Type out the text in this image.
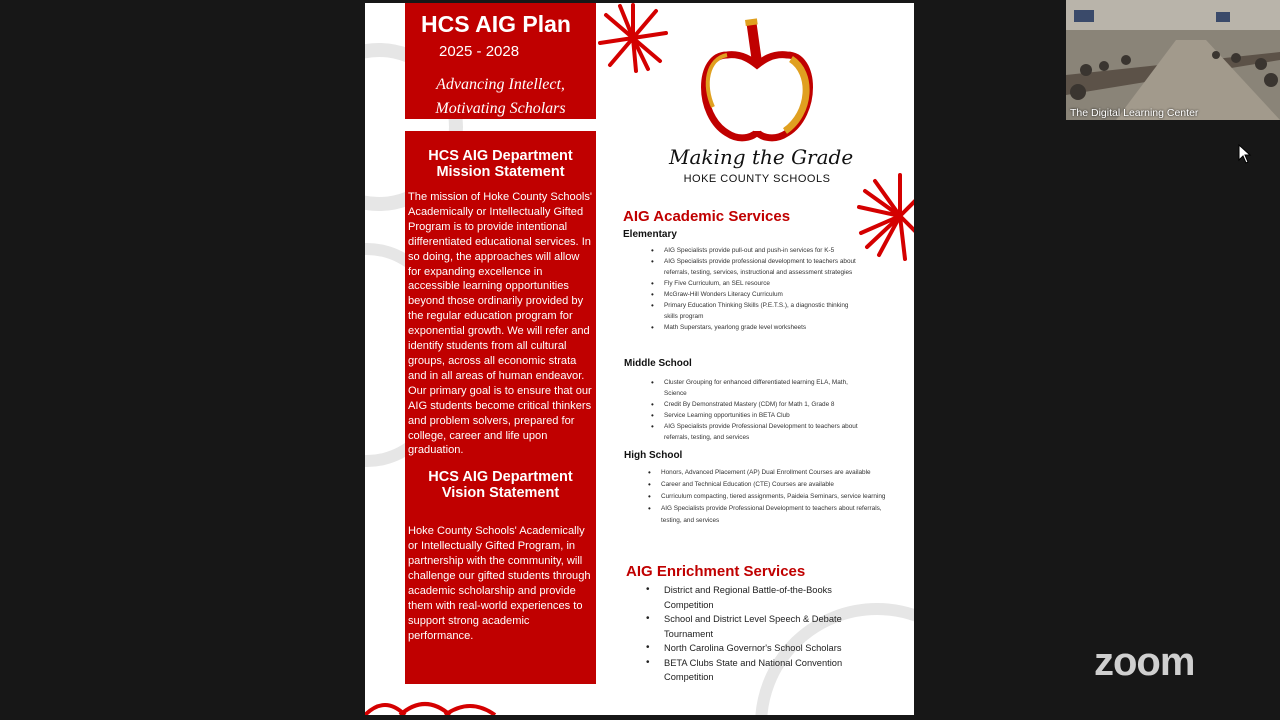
HCS AIG Plan
2025 - 2028
Advancing Intellect,
Motivating Scholars
HCS AIG Department
Mission Statement
The mission of Hoke County Schools' Academically or Intellectually Gifted Program is to provide intentional differentiated educational services. In so doing, the approaches will allow for expanding excellence in accessible learning opportunities beyond those ordinarily provided by the regular education program for exponential growth. We will refer and identify students from all cultural groups, across all economic strata and in all areas of human endeavor. Our primary goal is to ensure that our AIG students become critical thinkers and problem solvers, prepared for college, career and life upon graduation.
HCS AIG Department
Vision Statement
Hoke County Schools' Academically or Intellectually Gifted Program, in partnership with the community, will challenge our gifted students through academic scholarship and provide them with real-world experiences to support strong academic performance.
Making the Grade
HOKE COUNTY SCHOOLS
AIG Academic Services
Elementary
• AIG Specialists provide pull-out and push-in services for K-5
• AIG Specialists provide professional development to teachers about referrals, testing, services, instructional and assessment strategies
• Fly Five Curriculum, an SEL resource
• McGraw-Hill Wonders Literacy Curriculum
• Primary Education Thinking Skills (P.E.T.S.), a diagnostic thinking skills program
• Math Superstars, yearlong grade level worksheets
Middle School
• Cluster Grouping for enhanced differentiated learning ELA, Math, Science
• Credit By Demonstrated Mastery (CDM) for Math 1, Grade 8
• Service Learning opportunities in BETA Club
• AIG Specialists provide Professional Development to teachers about referrals, testing, and services
High School
• Honors, Advanced Placement (AP) Dual Enrollment Courses are available
• Career and Technical Education (CTE) Courses are available
• Curriculum compacting, tiered assignments, Paideia Seminars, service learning
• AIG Specialists provide Professional Development to teachers about referrals, testing, and services
AIG Enrichment Services
• District and Regional Battle-of-the-Books Competition
• School and District Level Speech & Debate Tournament
• North Carolina Governor's School Scholars
• BETA Clubs State and National Convention Competition
The Digital Learning Center
zoom
